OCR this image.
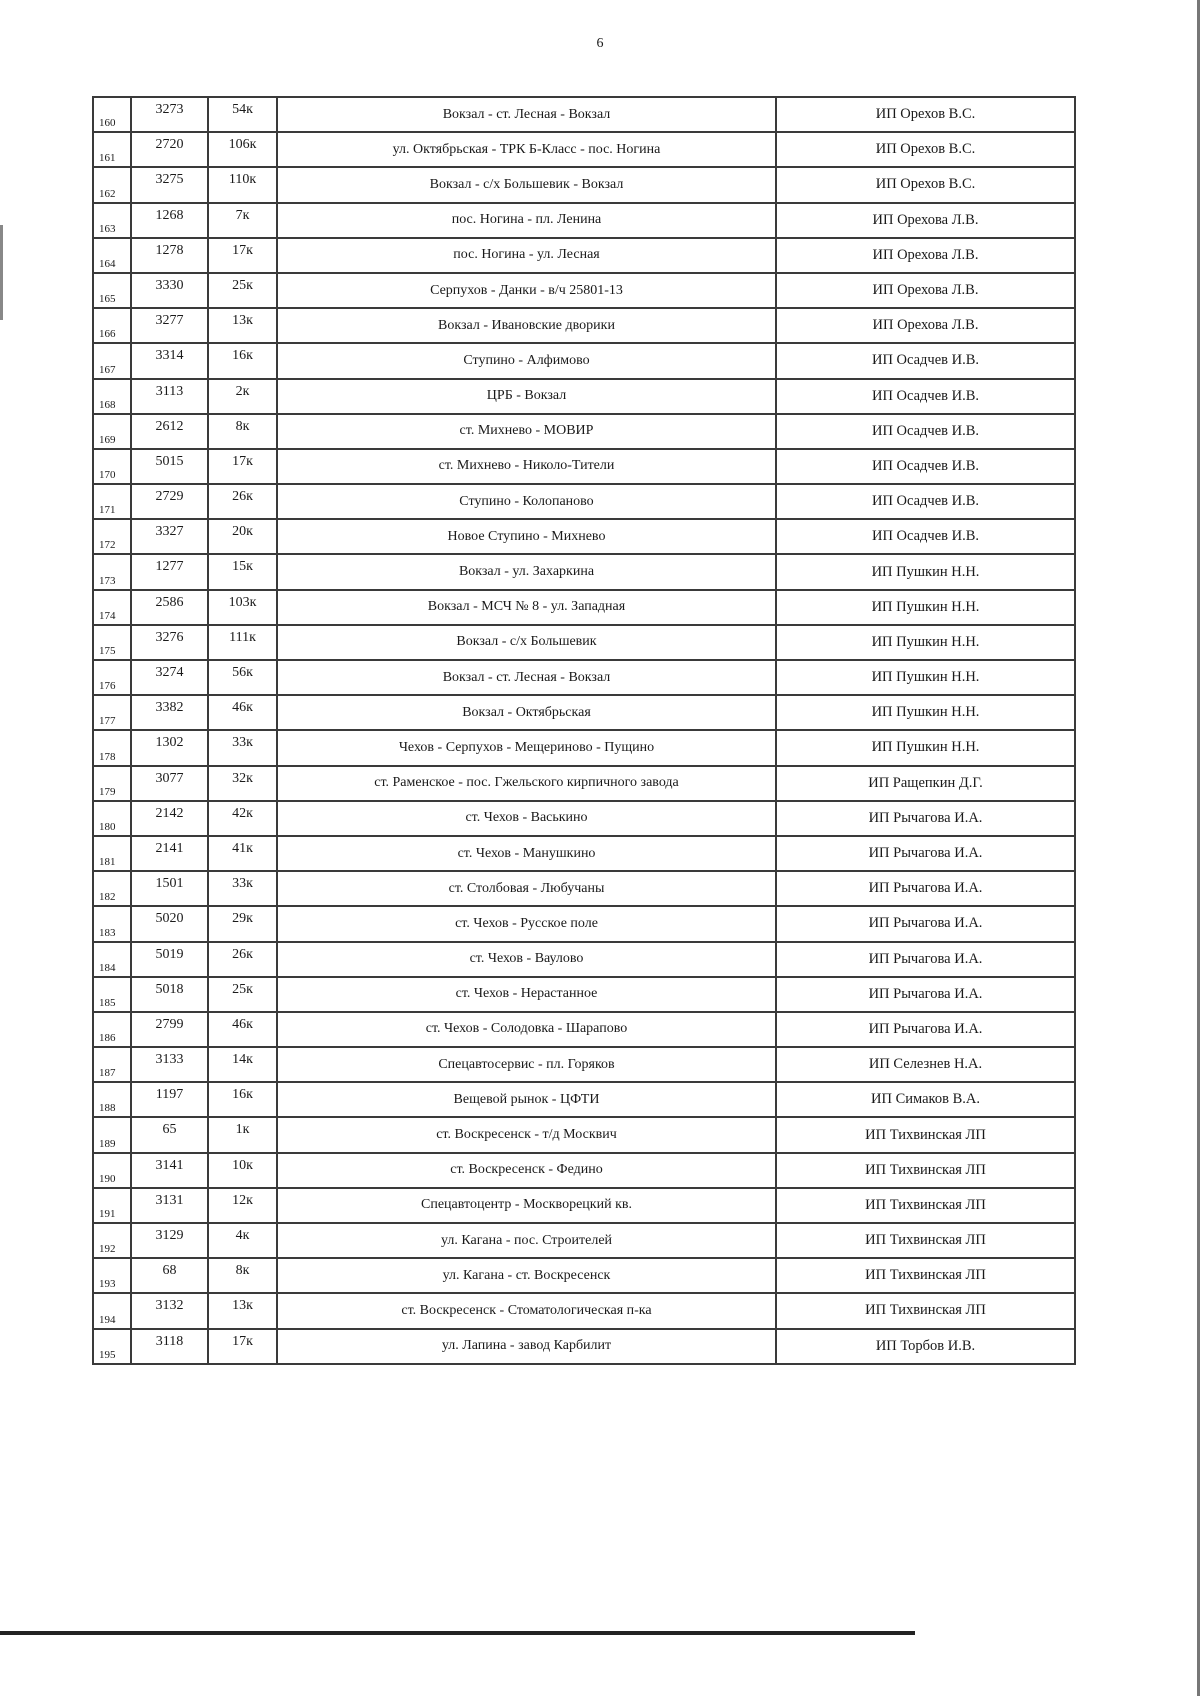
6
160	3273	54к	Вокзал - ст. Лесная - Вокзал	ИП Орехов В.С.
161	2720	106к	ул. Октябрьская - ТРК Б-Класс - пос. Ногина	ИП Орехов В.С.
162	3275	110к	Вокзал - с/х Большевик - Вокзал	ИП Орехов В.С.
163	1268	7к	пос. Ногина - пл. Ленина	ИП Орехова Л.В.
164	1278	17к	пос. Ногина - ул. Лесная	ИП Орехова Л.В.
165	3330	25к	Серпухов - Данки - в/ч 25801-13	ИП Орехова Л.В.
166	3277	13к	Вокзал - Ивановские дворики	ИП Орехова Л.В.
167	3314	16к	Ступино - Алфимово	ИП Осадчев И.В.
168	3113	2к	ЦРБ - Вокзал	ИП Осадчев И.В.
169	2612	8к	ст. Михнево - МОВИР	ИП Осадчев И.В.
170	5015	17к	ст. Михнево - Николо-Тители	ИП Осадчев И.В.
171	2729	26к	Ступино - Колопаново	ИП Осадчев И.В.
172	3327	20к	Новое Ступино - Михнево	ИП Осадчев И.В.
173	1277	15к	Вокзал - ул. Захаркина	ИП Пушкин Н.Н.
174	2586	103к	Вокзал - МСЧ № 8 - ул. Западная	ИП Пушкин Н.Н.
175	3276	111к	Вокзал - с/х Большевик	ИП Пушкин Н.Н.
176	3274	56к	Вокзал - ст. Лесная - Вокзал	ИП Пушкин Н.Н.
177	3382	46к	Вокзал - Октябрьская	ИП Пушкин Н.Н.
178	1302	33к	Чехов - Серпухов - Мещериново - Пущино	ИП Пушкин Н.Н.
179	3077	32к	ст. Раменское - пос. Гжельского кирпичного завода	ИП Ращепкин Д.Г.
180	2142	42к	ст. Чехов - Васькино	ИП Рычагова И.А.
181	2141	41к	ст. Чехов - Манушкино	ИП Рычагова И.А.
182	1501	33к	ст. Столбовая - Любучаны	ИП Рычагова И.А.
183	5020	29к	ст. Чехов - Русское поле	ИП Рычагова И.А.
184	5019	26к	ст. Чехов - Ваулово	ИП Рычагова И.А.
185	5018	25к	ст. Чехов - Нерастанное	ИП Рычагова И.А.
186	2799	46к	ст. Чехов - Солодовка - Шарапово	ИП Рычагова И.А.
187	3133	14к	Спецавтосервис - пл. Горяков	ИП Селезнев Н.А.
188	1197	16к	Вещевой рынок - ЦФТИ	ИП Симаков В.А.
189	65	1к	ст. Воскресенск - т/д Москвич	ИП Тихвинская ЛП
190	3141	10к	ст. Воскресенск - Федино	ИП Тихвинская ЛП
191	3131	12к	Спецавтоцентр - Москворецкий кв.	ИП Тихвинская ЛП
192	3129	4к	ул. Кагана - пос. Строителей	ИП Тихвинская ЛП
193	68	8к	ул. Кагана - ст. Воскресенск	ИП Тихвинская ЛП
194	3132	13к	ст. Воскресенск - Стоматологическая п-ка	ИП Тихвинская ЛП
195	3118	17к	ул. Лапина - завод Карбилит	ИП Торбов И.В.
